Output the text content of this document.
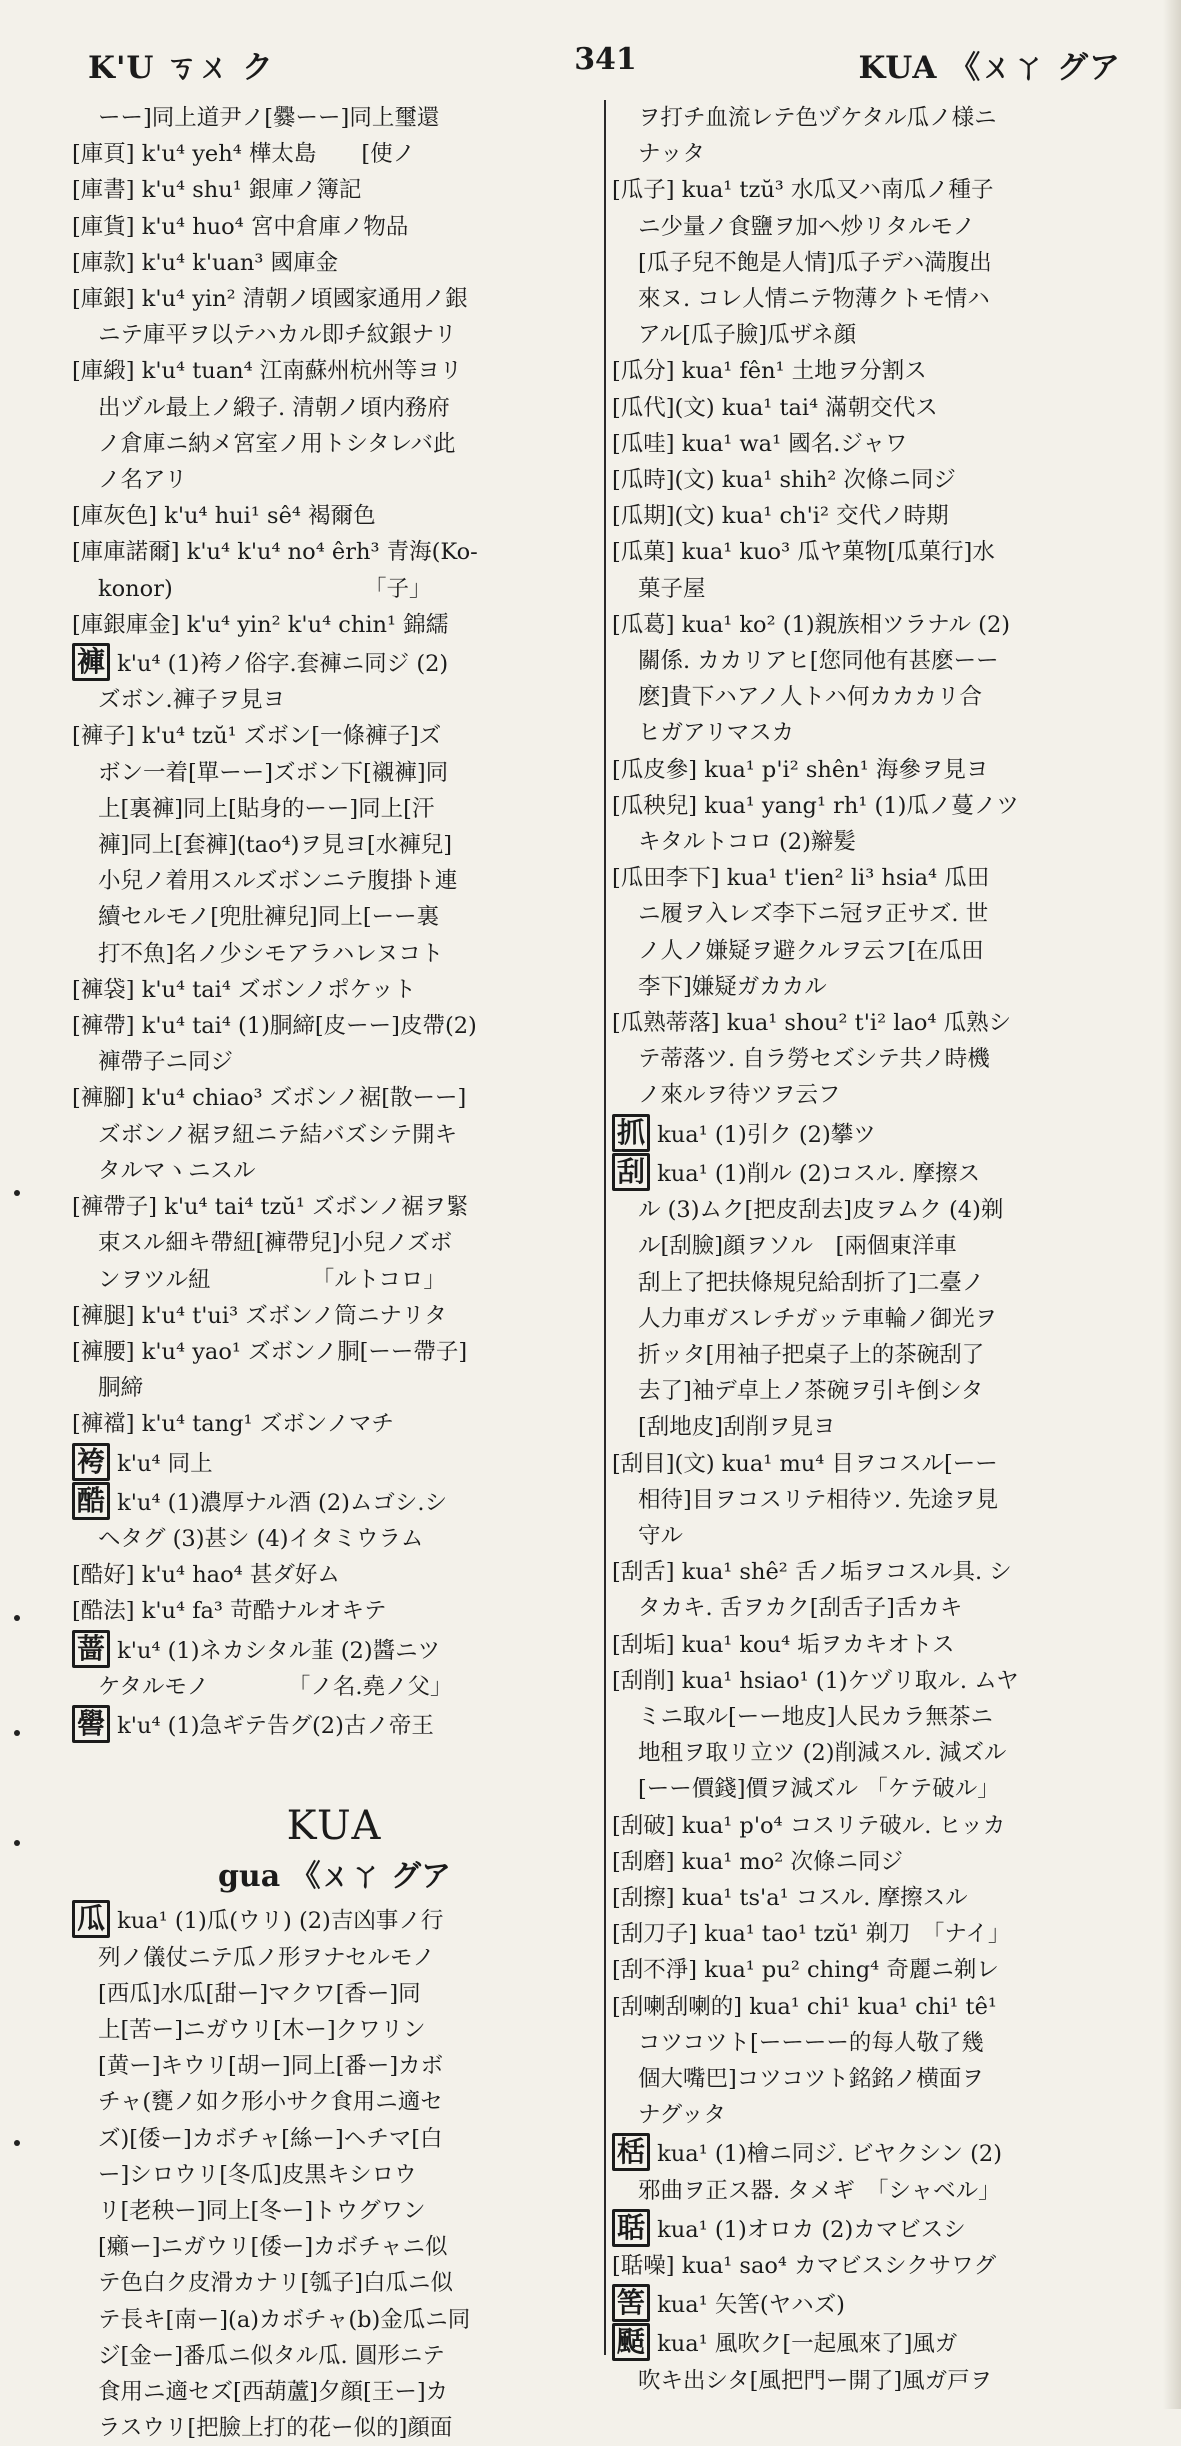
K'U ㄎㄨ ク	341	KUA 《ㄨㄚ グア
ーー]同上道尹ノ[爨ーー]同上璽還
[庫頁] k'u⁴ yeh⁴ 樺太島　　[使ノ
[庫書] k'u⁴ shu¹ 銀庫ノ簿記
[庫貨] k'u⁴ huo⁴ 宮中倉庫ノ物品
[庫款] k'u⁴ k'uan³ 國庫金
[庫銀] k'u⁴ yin² 清朝ノ頃國家通用ノ銀
ニテ庫平ヲ以テハカル即チ紋銀ナリ
[庫緞] k'u⁴ tuan⁴ 江南蘇州杭州等ヨリ
出ヅル最上ノ緞子. 清朝ノ頃内務府
ノ倉庫ニ納メ宮室ノ用トシタレバ此
ノ名アリ
[庫灰色] k'u⁴ hui¹ sê⁴ 褐爾色
[庫庫諾爾] k'u⁴ k'u⁴ no⁴ êrh³ 青海(Ko-
konor)　　　　　　　　　「子」
[庫銀庫金] k'u⁴ yin² k'u⁴ chin¹ 錦繻
褲 k'u⁴ (1)袴ノ俗字.套褲ニ同ジ (2)
ズボン.褲子ヲ見ヨ
[褲子] k'u⁴ tzŭ¹ ズボン[一條褲子]ズ
ボン一着[單ーー]ズボン下[襯褲]同
上[裏褲]同上[貼身的ーー]同上[汗
褲]同上[套褲](tao⁴)ヲ見ヨ[水褲兒]
小兒ノ着用スルズボンニテ腹掛ト連
續セルモノ[兜肚褲兒]同上[ーー裏
打不魚]名ノ少シモアラハレヌコト
[褲袋] k'u⁴ tai⁴ ズボンノポケット
[褲帶] k'u⁴ tai⁴ (1)胴締[皮ーー]皮帶(2)
褲帶子ニ同ジ
[褲腳] k'u⁴ chiao³ ズボンノ裾[散ーー]
ズボンノ裾ヲ紐ニテ結バズシテ開キ
タルマヽニスル
[褲帶子] k'u⁴ tai⁴ tzŭ¹ ズボンノ裾ヲ緊
束スル細キ帶紐[褲帶兒]小兒ノズボ
ンヲツル紐　　　　　「ルトコロ」
[褲腿] k'u⁴ t'ui³ ズボンノ筒ニナリタ
[褲腰] k'u⁴ yao¹ ズボンノ胴[ーー帶子]
胴締
[褲襠] k'u⁴ tang¹ ズボンノマチ
袴 k'u⁴ 同上
酷 k'u⁴ (1)濃厚ナル酒 (2)ムゴシ.シ
ヘタグ (3)甚シ (4)イタミウラム
[酷好] k'u⁴ hao⁴ 甚ダ好ム
[酷法] k'u⁴ fa³ 苛酷ナルオキテ
蔷 k'u⁴ (1)ネカシタル韮 (2)醬ニツ
ケタルモノ　　　　「ノ名.堯ノ父」
嚳 k'u⁴ (1)急ギテ告グ(2)古ノ帝王

KUA
gua 《ㄨㄚ グア
瓜 kua¹ (1)瓜(ウリ) (2)吉凶事ノ行
列ノ儀仗ニテ瓜ノ形ヲナセルモノ
[西瓜]水瓜[甜ー]マクワ[香ー]同
上[苦ー]ニガウリ[木ー]クワリン
[黄ー]キウリ[胡ー]同上[番ー]カボ
チャ(甕ノ如ク形小サク食用ニ適セ
ズ)[倭ー]カボチャ[絲ー]ヘチマ[白
ー]シロウリ[冬瓜]皮黒キシロウ
リ[老秧ー]同上[冬ー]トウグワン
[癩ー]ニガウリ[倭ー]カボチャニ似
テ色白ク皮滑カナリ[瓠子]白瓜ニ似
テ長キ[南ー](a)カボチャ(b)金瓜ニ同
ジ[金ー]番瓜ニ似タル瓜. 圓形ニテ
食用ニ適セズ[西葫蘆]夕顔[王ー]カ
ラスウリ[把臉上打的花ー似的]顔面
ヲ打チ血流レテ色ヅケタル瓜ノ様ニ
ナッタ
[瓜子] kua¹ tzŭ³ 水瓜又ハ南瓜ノ種子
ニ少量ノ食鹽ヲ加ヘ炒リタルモノ
[瓜子兒不飽是人情]瓜子デハ満腹出
來ヌ. コレ人情ニテ物薄クトモ情ハ
アル[瓜子臉]瓜ザネ顔
[瓜分] kua¹ fên¹ 土地ヲ分割ス
[瓜代](文) kua¹ tai⁴ 滿朝交代ス
[瓜哇] kua¹ wa¹ 國名.ジャワ
[瓜時](文) kua¹ shih² 次條ニ同ジ
[瓜期](文) kua¹ ch'i² 交代ノ時期
[瓜菓] kua¹ kuo³ 瓜ヤ菓物[瓜菓行]水
菓子屋
[瓜葛] kua¹ ko² (1)親族相ツラナル (2)
關係. カカリアヒ[您同他有甚麽ーー
麽]貴下ハアノ人トハ何カカカリ合
ヒガアリマスカ
[瓜皮參] kua¹ p'i² shên¹ 海參ヲ見ヨ
[瓜秧兒] kua¹ yang¹ rh¹ (1)瓜ノ蔓ノツ
キタルトコロ (2)辮髪
[瓜田李下] kua¹ t'ien² li³ hsia⁴ 瓜田
ニ履ヲ入レズ李下ニ冠ヲ正サズ. 世
ノ人ノ嫌疑ヲ避クルヲ云フ[在瓜田
李下]嫌疑ガカカル
[瓜熟蒂落] kua¹ shou² t'i² lao⁴ 瓜熟シ
テ蒂落ツ. 自ラ勞セズシテ共ノ時機
ノ來ルヲ待ツヲ云フ
抓 kua¹ (1)引ク (2)攀ツ
刮 kua¹ (1)削ル (2)コスル. 摩擦ス
ル (3)ムク[把皮刮去]皮ヲムク (4)剃
ル[刮臉]顔ヲソル　[兩個東洋車
刮上了把扶條規兒給刮折了]二臺ノ
人力車ガスレチガッテ車輪ノ御光ヲ
折ッタ[用袖子把桌子上的茶碗刮了
去了]袖デ卓上ノ茶碗ヲ引キ倒シタ
[刮地皮]刮削ヲ見ヨ
[刮目](文) kua¹ mu⁴ 目ヲコスル[ーー
相待]目ヲコスリテ相待ツ. 先途ヲ見
守ル
[刮舌] kua¹ shê² 舌ノ垢ヲコスル具. シ
タカキ. 舌ヲカク[刮舌子]舌カキ
[刮垢] kua¹ kou⁴ 垢ヲカキオトス
[刮削] kua¹ hsiao¹ (1)ケヅリ取ル. ムヤ
ミニ取ル[ーー地皮]人民カラ無茶ニ
地租ヲ取リ立ツ (2)削減スル. 減ズル
[ーー價錢]價ヲ減ズル 「ケテ破ル」
[刮破] kua¹ p'o⁴ コスリテ破ル. ヒッカ
[刮磨] kua¹ mo² 次條ニ同ジ
[刮擦] kua¹ ts'a¹ コスル. 摩擦スル
[刮刀子] kua¹ tao¹ tzŭ¹ 剃刀　「ナイ」
[刮不淨] kua¹ pu² ching⁴ 奇麗ニ剃レ
[刮喇刮喇的] kua¹ chi¹ kua¹ chi¹ tê¹
コツコツト[ーーーー的每人敬了幾
個大嘴巴]コツコツト銘銘ノ横面ヲ
ナグッタ
栝 kua¹ (1)檜ニ同ジ. ビヤクシン (2)
邪曲ヲ正ス器. タメギ　「シャベル」
聒 kua¹ (1)オロカ (2)カマビスシ
[聒噪] kua¹ sao⁴ カマビスシクサワグ
筈 kua¹ 矢筈(ヤハズ)
颳 kua¹ 風吹ク[一起風來了]風ガ
吹キ出シタ[風把門ー開了]風ガ戸ヲ
